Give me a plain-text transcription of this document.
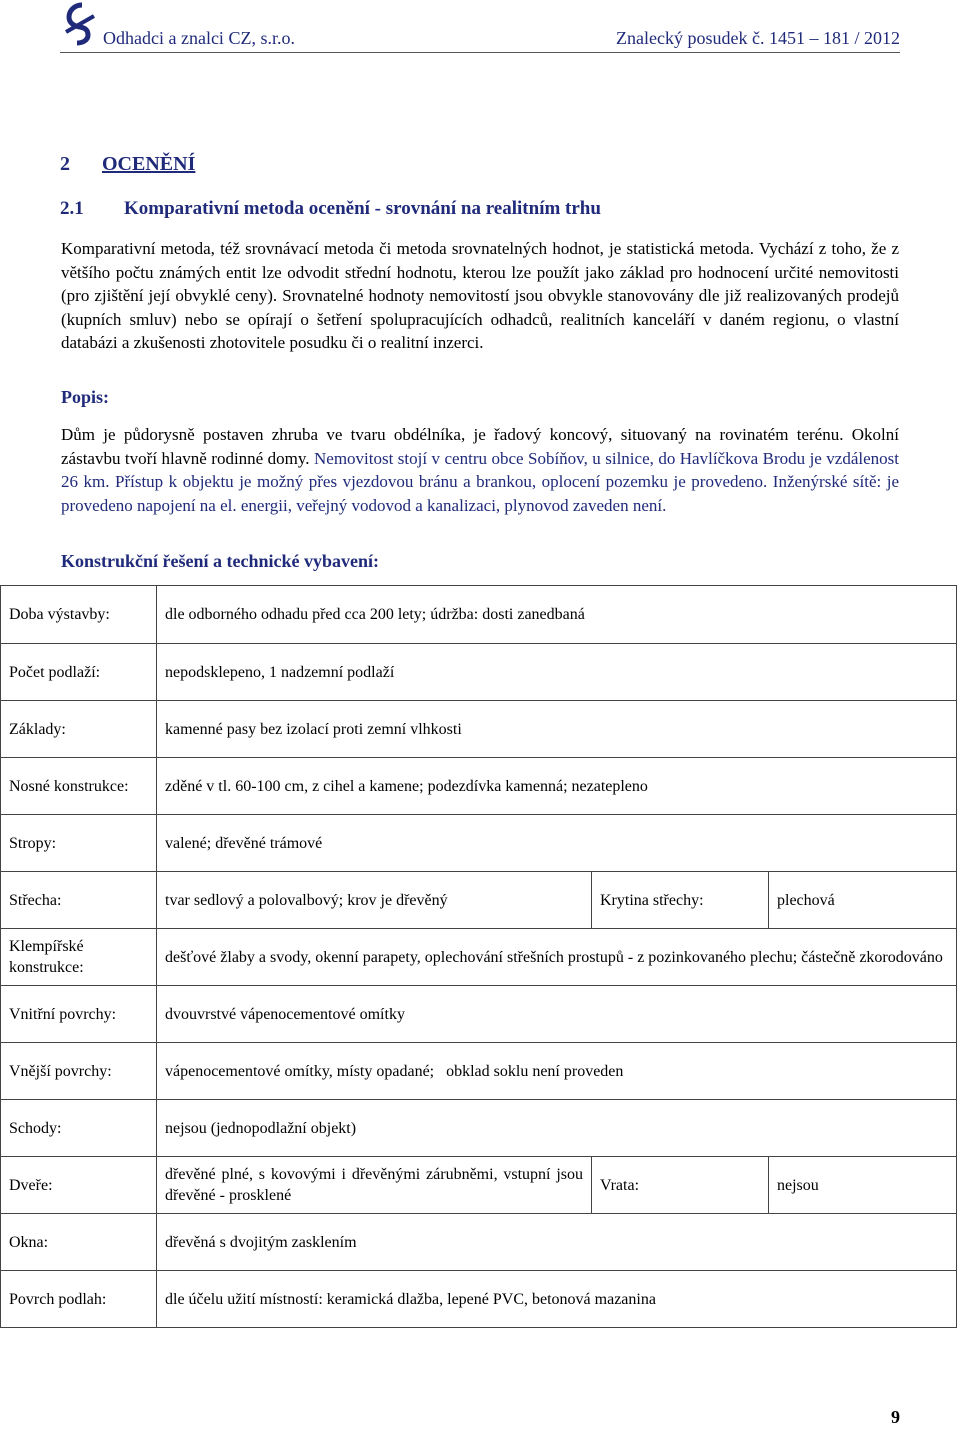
Odhadci a znalci CZ, s.r.o.	Znalecký posudek č. 1451 – 181 / 2012
2 OCENĚNÍ
2.1 Komparativní metoda ocenění - srovnání na realitním trhu
Komparativní metoda, též srovnávací metoda či metoda srovnatelných hodnot, je statistická metoda. Vychází z toho, že z většího počtu známých entit lze odvodit střední hodnotu, kterou lze použít jako základ pro hodnocení určité nemovitosti (pro zjištění její obvyklé ceny). Srovnatelné hodnoty nemovitostí jsou obvykle stanovovány dle již realizovaných prodejů (kupních smluv) nebo se opírají o šetření spolupracujících odhadců, realitních kanceláří v daném regionu, o vlastní databázi a zkušenosti zhotovitele posudku či o realitní inzerci.
Popis:
Dům je půdorysně postaven zhruba ve tvaru obdélníka, je řadový koncový, situovaný na rovinatém terénu. Okolní zástavbu tvoří hlavně rodinné domy. Nemovitost stojí v centru obce Sobíňov, u silnice, do Havlíčkova Brodu je vzdálenost 26 km. Přístup k objektu je možný přes vjezdovou bránu a brankou, oplocení pozemku je provedeno. Inženýrské sítě: je provedeno napojení na el. energii, veřejný vodovod a kanalizaci, plynovod zaveden není.
Konstrukční řešení a technické vybavení:
Doba výstavby:	dle odborného odhadu před cca 200 lety; údržba: dosti zanedbaná		
Počet podlaží:	nepodsklepeno, 1 nadzemní podlaží		
Základy:	kamenné pasy bez izolací proti zemní vlhkosti		
Nosné konstrukce:	zděné v tl. 60-100 cm, z cihel a kamene; podezdívka kamenná; nezatepleno		
Stropy:	valené; dřevěné trámové		
Střecha:	tvar sedlový a polovalbový; krov je dřevěný	Krytina střechy:	plechová
Klempířské konstrukce:	dešťové žlaby a svody, okenní parapety, oplechování střešních prostupů - z pozinkovaného plechu; částečně zkorodováno		
Vnitřní povrchy:	dvouvrstvé vápenocementové omítky		
Vnější povrchy:	vápenocementové omítky, místy opadané;   obklad soklu není proveden		
Schody:	nejsou (jednopodlažní objekt)		
Dveře:	dřevěné plné, s kovovými i dřevěnými zárubněmi, vstupní jsou dřevěné - prosklené	Vrata:	nejsou
Okna:	dřevěná s dvojitým zasklením		
Povrch podlah:	dle účelu užití místností: keramická dlažba, lepené PVC, betonová mazanina		
9
